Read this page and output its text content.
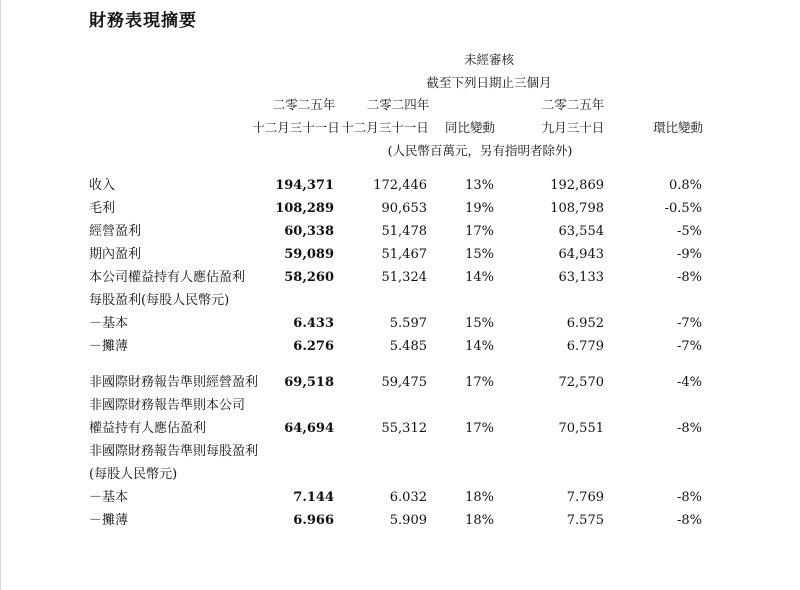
財務表現摘要
未經審核
截至下列日期止三個月
二零二五年
十二月三十一日
二零二四年
十二月三十一日 同比變動
二零二五年
九月三十日	環比變動
(人民幣百萬元，另有指明者除外)
收入	194,371	172,446	13%	192,869	0.8%
毛利	108,289	90,653	19%	108,798	-0.5%
經營盈利	60,338	51,478	17%	63,554	-5%
期內盈利	59,089	51,467	15%	64,943	-9%
本公司權益持有人應佔盈利	58,260	51,324	14%	63,133	-8%
每股盈利(每股人民幣元)
－基本	6.433	5.597	15%	6.952	-7%
－攤薄	6.276	5.485	14%	6.779	-7%
非國際財務報告準則經營盈利 69,518	59,475	17%	72,570	-4%
非國際財務報告準則本公司
權益持有人應佔盈利	64,694	55,312	17%	70,551	-8%
非國際財務報告準則每股盈利
(每股人民幣元)
－基本	7.144	6.032	18%	7.769	-8%
－攤薄	6.966	5.909	18%	7.575	-8%
